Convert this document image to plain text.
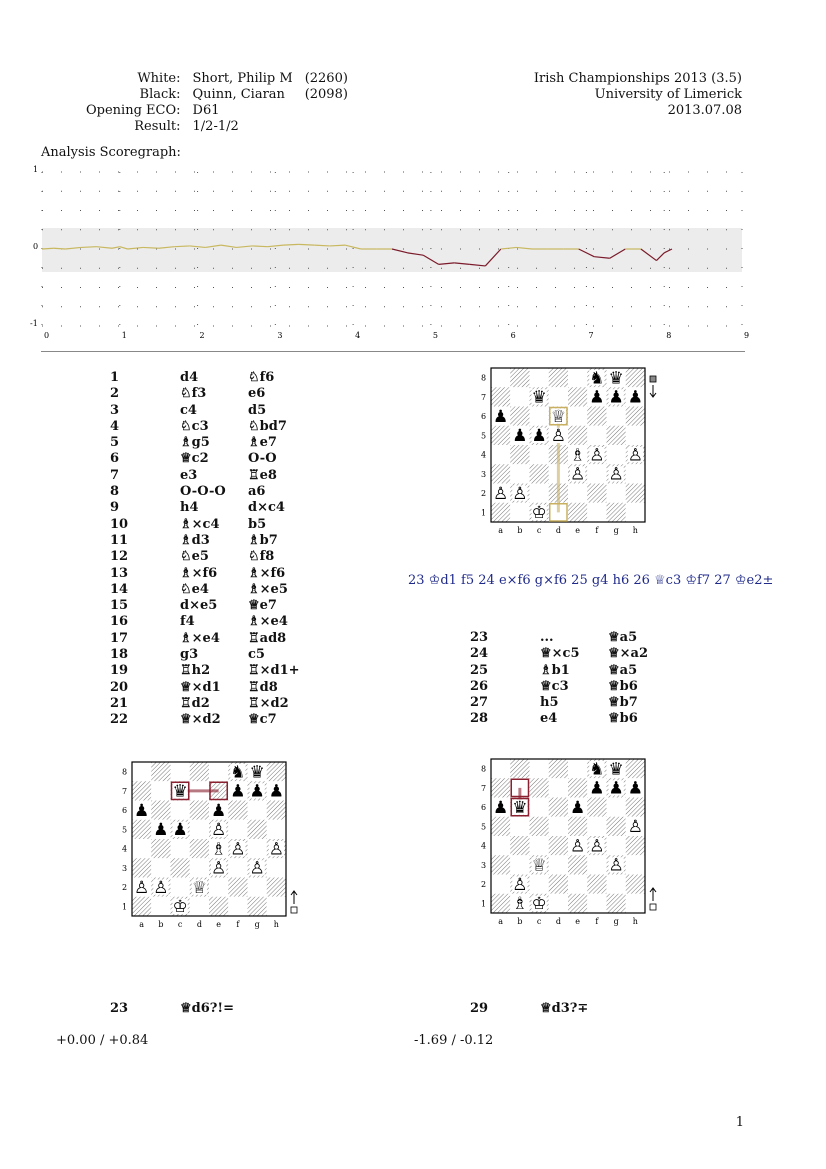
White:	Short, Philip M	(2260)
Black:	Quinn, Ciaran	(2098)
Opening ECO:	D61	
Result:	1/2-1/2	
Irish Championships 2013 (3.5)
University of Limerick
2013.07.08
Analysis Scoregraph:
1
0
-1
0	1	2	3	4	5	6	7	8	9
1	d4	♘f6
2	♘f3	e6
3	c4	d5
4	♘c3	♘bd7
5	♗g5	♗e7
6	♕c2	O-O
7	e3	♖e8
8	O-O-O	a6
9	h4	d×c4
10	♗×c4	b5
11	♗d3	♗b7
12	♘e5	♘f8
13	♗×f6	♗×f6
14	♘e4	♗×e5
15	d×e5	♕e7
16	f4	♗×e4
17	♗×e4	♖ad8
18	g3	c5
19	♖h2	♖×d1+
20	♕×d1	♖d8
21	♖d2	♖×d2
22	♕×d2	♕c7
♞ ♛
♛	♟ ♟ ♟
♟	♕
♟ ♟ ♙
♗ ♙ ♙
♙ ♙
♙ ♙
♔
8
7
6
5
4
3
2
1
a b c d e f g h
23 ♔d1 f5 24 e×f6 g×f6 25 g4 h6 26 ♕c3 ♔f7 27 ♔e2±
23	...	♕a5
24	♕×c5	♕×a2
25	♗b1	♕a5
26	♕c3	♕b6
27	h5	♕b7
28	e4	♕b6
♞ ♛
♛	♟ ♟ ♟
♟	♟
♟ ♟ ♙
♗ ♙ ♙
♙ ♙
♙ ♙ ♕
♔
8
7
6
5
4
3
2
1
a b c d e f g h
♞ ♛
♟ ♟ ♟
♟ ♛	♟
♙
♙ ♙
♕	♙
♙
♗ ♔
8
7
6
5
4
3
2
1
a b c d e f g h
23	♕d6?!=
+0.00 / +0.84
29	♕d3?∓
-1.69 / -0.12
1
